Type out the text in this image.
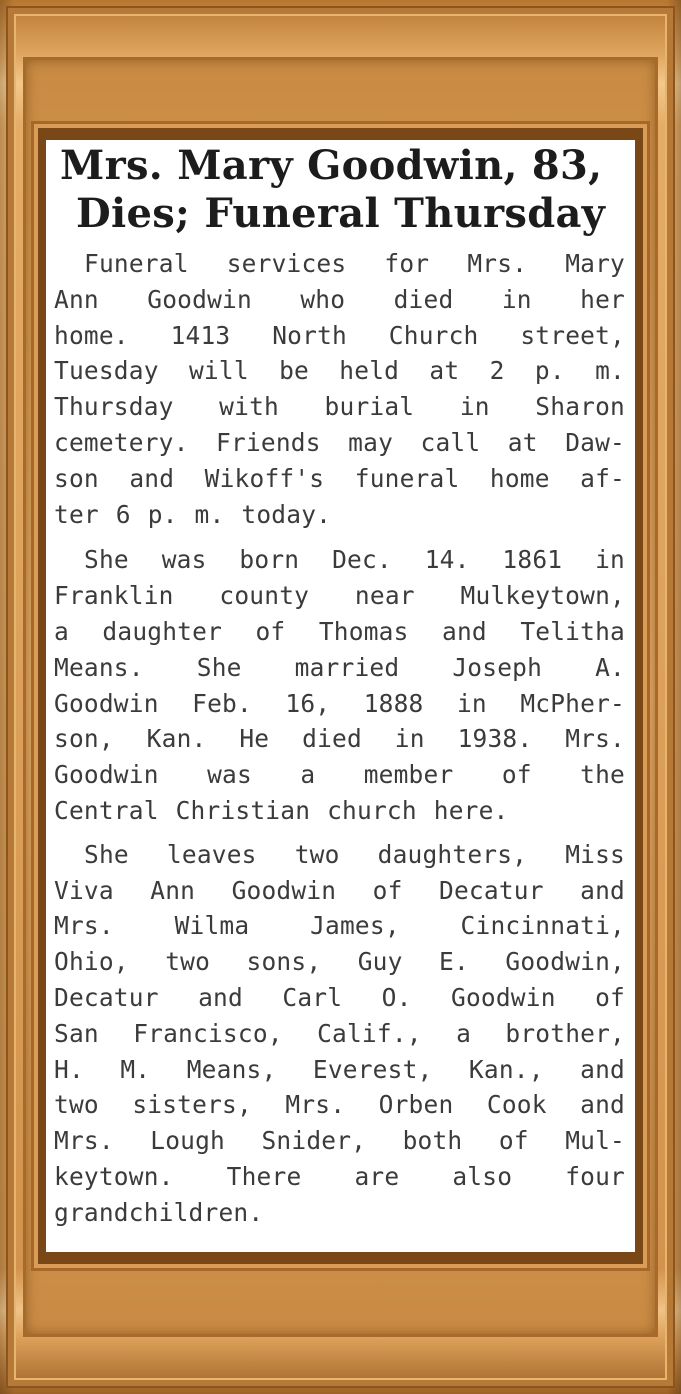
Mrs. Mary Goodwin, 83,
Dies; Funeral Thursday

Funeral services for Mrs. Mary
Ann Goodwin who died in her
home. 1413 North Church street,
Tuesday will be held at 2 p. m.
Thursday with burial in Sharon
cemetery. Friends may call at Daw-
son and Wikoff's funeral home af-
ter 6 p. m. today.

She was born Dec. 14. 1861 in
Franklin county near Mulkeytown,
a daughter of Thomas and Telitha
Means. She married Joseph A.
Goodwin Feb. 16, 1888 in McPher-
son, Kan. He died in 1938. Mrs.
Goodwin was a member of the
Central Christian church here.

She leaves two daughters, Miss
Viva Ann Goodwin of Decatur and
Mrs. Wilma James, Cincinnati,
Ohio, two sons, Guy E. Goodwin,
Decatur and Carl O. Goodwin of
San Francisco, Calif., a brother,
H. M. Means, Everest, Kan., and
two sisters, Mrs. Orben Cook and
Mrs. Lough Snider, both of Mul-
keytown. There are also four
grandchildren.
